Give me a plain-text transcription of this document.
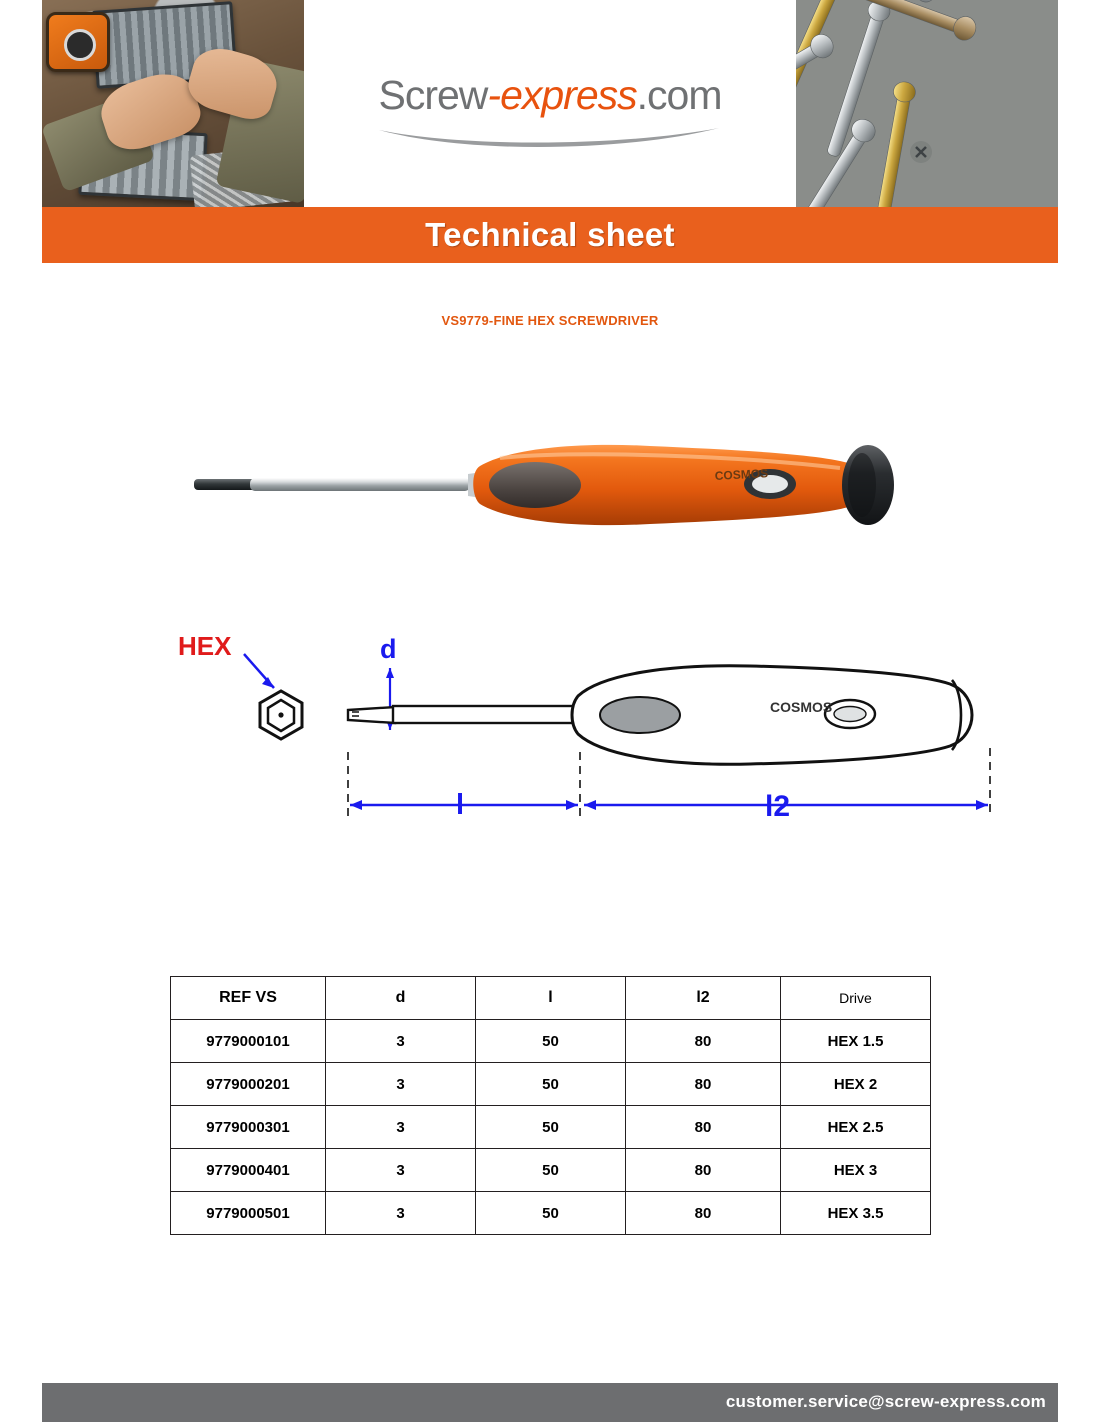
Screw-express.com
Technical sheet
VS9779-FINE HEX SCREWDRIVER
COSMOS
HEX	d
COSMOS
l	l2
REF VS	d	l	l2	Drive
9779000101	3	50	80	HEX 1.5
9779000201	3	50	80	HEX 2
9779000301	3	50	80	HEX 2.5
9779000401	3	50	80	HEX 3
9779000501	3	50	80	HEX 3.5
customer.service@screw-express.com
